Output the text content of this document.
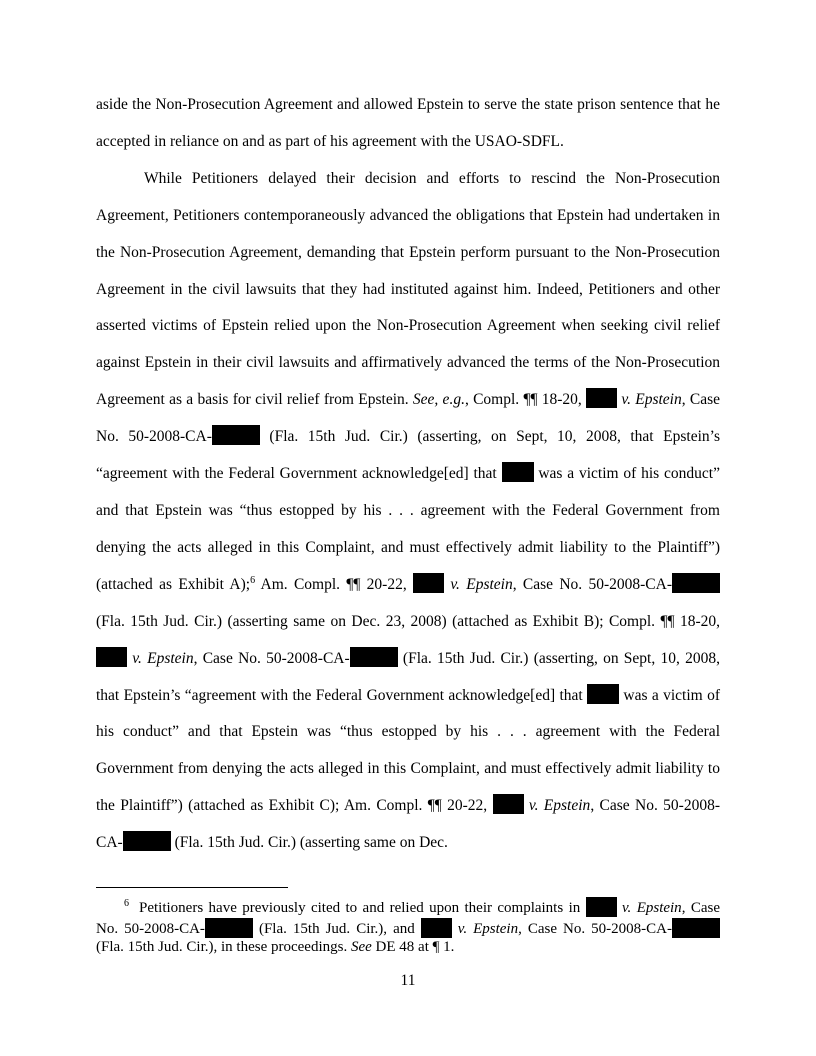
aside the Non-Prosecution Agreement and allowed Epstein to serve the state prison sentence that he accepted in reliance on and as part of his agreement with the USAO-SDFL.

While Petitioners delayed their decision and efforts to rescind the Non-Prosecution Agreement, Petitioners contemporaneously advanced the obligations that Epstein had undertaken in the Non-Prosecution Agreement, demanding that Epstein perform pursuant to the Non-Prosecution Agreement in the civil lawsuits that they had instituted against him. Indeed, Petitioners and other asserted victims of Epstein relied upon the Non-Prosecution Agreement when seeking civil relief against Epstein in their civil lawsuits and affirmatively advanced the terms of the Non-Prosecution Agreement as a basis for civil relief from Epstein. See, e.g., Compl. ¶¶ 18-20,  v. Epstein, Case No. 50-2008-CA-	(Fla. 15th Jud. Cir.) (asserting, on Sept, 10, 2008, that Epstein’s “agreement with the Federal Government acknowledge[ed] that  was a victim of his conduct” and that Epstein was “thus estopped by his . . . agreement with the Federal Government from denying the acts alleged in this Complaint, and must effectively admit liability to the Plaintiff”) (attached as Exhibit A);$^6$ Am. Compl. ¶¶ 20-22,  v. Epstein, Case No. 50-2008-CA- (Fla. 15th Jud. Cir.) (asserting same on Dec. 23, 2008) (attached as Exhibit B); Compl. ¶¶ 18-20,  v. Epstein, Case No. 50-2008-CA-	(Fla. 15th Jud. Cir.) (asserting, on Sept, 10, 2008, that Epstein’s “agreement with the Federal Government acknowledge[ed] that  was a victim of his conduct” and that Epstein was “thus estopped by his . . . agreement with the Federal Government from denying the acts alleged in this Complaint, and must effectively admit liability to the Plaintiff”) (attached as Exhibit C); Am. Compl. ¶¶ 20-22,  v. Epstein, Case No. 50-2008-CA-	(Fla. 15th Jud. Cir.) (asserting same on Dec.

$^6$ Petitioners have previously cited to and relied upon their complaints in  v. Epstein, Case No. 50-2008-CA-	(Fla. 15th Jud. Cir.), and  v. Epstein, Case No. 50-2008-CA- (Fla. 15th Jud. Cir.), in these proceedings. See DE 48 at ¶ 1.

11
